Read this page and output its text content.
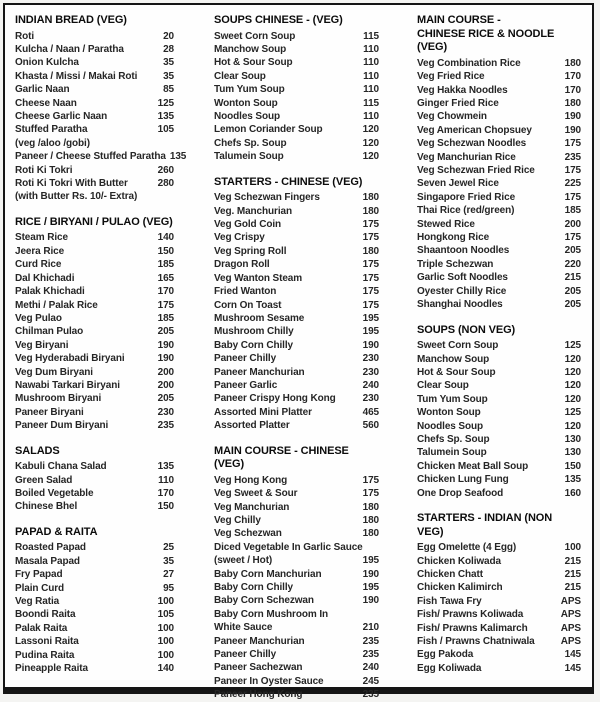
INDIAN BREAD (VEG)
Roti	20
Kulcha / Naan / Paratha	28
Onion Kulcha	35
Khasta / Missi / Makai Roti	35
Garlic Naan	85
Cheese Naan	125
Cheese Garlic Naan	135
Stuffed Paratha	105
(veg /aloo /gobi)
Paneer / Cheese Stuffed Paratha 135
Roti Ki Tokri	260
Roti Ki Tokri With Butter	280
(with Butter Rs. 10/- Extra)
RICE / BIRYANI / PULAO (VEG)
Steam Rice	140
Jeera Rice	150
Curd Rice	185
Dal Khichadi	165
Palak Khichadi	170
Methi / Palak Rice	175
Veg Pulao	185
Chilman Pulao	205
Veg Biryani	190
Veg Hyderabadi Biryani	190
Veg Dum Biryani	200
Nawabi Tarkari Biryani	200
Mushroom Biryani	205
Paneer Biryani	230
Paneer Dum Biryani	235
SALADS
Kabuli Chana Salad	135
Green Salad	110
Boiled Vegetable	170
Chinese Bhel	150
PAPAD & RAITA
Roasted Papad	25
Masala Papad	35
Fry Papad	27
Plain Curd	95
Veg Ratia	100
Boondi Raita	105
Palak Raita	100
Lassoni Raita	100
Pudina Raita	100
Pineapple Raita	140
SOUPS CHINESE - (VEG)
Sweet Corn Soup	115
Manchow Soup	110
Hot & Sour Soup	110
Clear Soup	110
Tum Yum Soup	110
Wonton Soup	115
Noodles Soup	110
Lemon Coriander Soup	120
Chefs Sp. Soup	120
Talumein Soup	120
STARTERS - CHINESE (VEG)
Veg Schezwan Fingers	180
Veg. Manchurian	180
Veg Gold Coin	175
Veg Crispy	175
Veg Spring Roll	180
Dragon Roll	175
Veg Wanton Steam	175
Fried Wanton	175
Corn On Toast	175
Mushroom Sesame	195
Mushroom Chilly	195
Baby Corn Chilly	190
Paneer Chilly	230
Paneer Manchurian	230
Paneer Garlic	240
Paneer Crispy Hong Kong	230
Assorted Mini Platter	465
Assorted Platter	560
MAIN COURSE - CHINESE (VEG)
Veg Hong Kong	175
Veg Sweet & Sour	175
Veg Manchurian	180
Veg Chilly	180
Veg Schezwan	180
Diced Vegetable In Garlic Sauce
(sweet / Hot)	195
Baby Corn Manchurian	190
Baby Corn Chilly	195
Baby Corn Schezwan	190
Baby Corn Mushroom In
White Sauce	210
Paneer Manchurian	235
Paneer Chilly	235
Paneer Sachezwan	240
Paneer In Oyster Sauce	245
Paneer Hong Kong	235
MAIN COURSE -
CHINESE RICE & NOODLE (VEG)
Veg Combination Rice	180
Veg Fried Rice	170
Veg Hakka Noodles	170
Ginger Fried Rice	180
Veg Chowmein	190
Veg American Chopsuey	190
Veg Schezwan Noodles	175
Veg Manchurian Rice	235
Veg Schezwan Fried Rice	175
Seven Jewel Rice	225
Singapore Fried Rice	175
Thai Rice (red/green)	185
Stewed Rice	200
Hongkong Rice	175
Shaantoon Noodles	205
Triple Schezwan	220
Garlic Soft Noodles	215
Oyester Chilly Rice	205
Shanghai Noodles	205
SOUPS (NON VEG)
Sweet Corn Soup	125
Manchow Soup	120
Hot & Sour Soup	120
Clear Soup	120
Tum Yum Soup	120
Wonton Soup	125
Noodles Soup	120
Chefs Sp. Soup	130
Talumein Soup	130
Chicken Meat Ball Soup	150
Chicken Lung Fung	135
One Drop Seafood	160
STARTERS - INDIAN (NON VEG)
Egg Omelette (4 Egg)	100
Chicken Koliwada	215
Chicken Chatt	215
Chicken Kalimirch	215
Fish Tawa Fry	APS
Fish/ Prawns Koliwada	APS
Fish/ Prawns Kalimarch	APS
Fish / Prawns Chatniwala	APS
Egg Pakoda	145
Egg Koliwada	145
